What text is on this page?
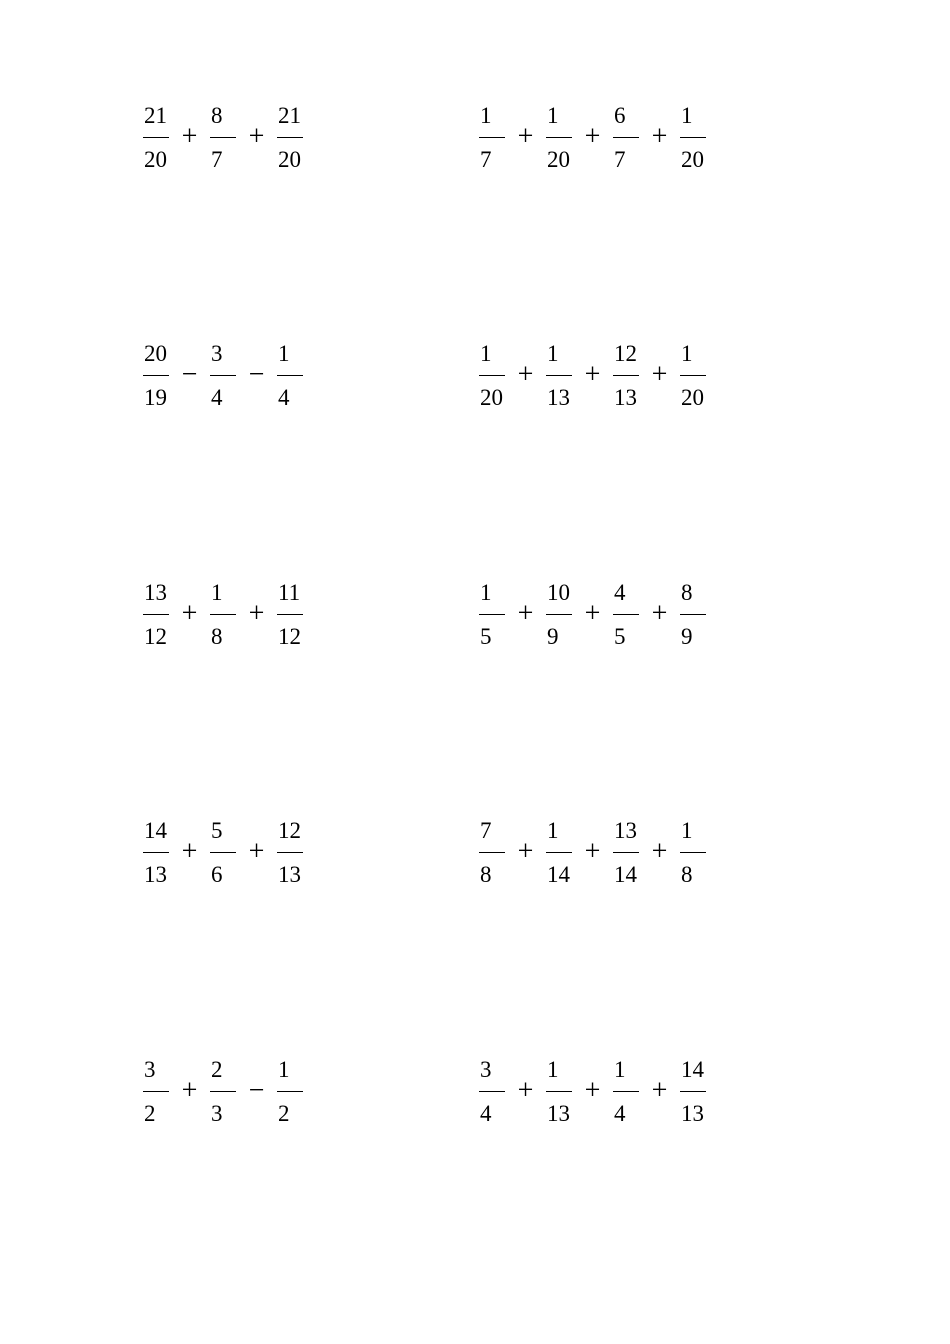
$\frac{21}{20} + \frac{8}{7} + \frac{21}{20}$	$\frac{1}{7} + \frac{1}{20} + \frac{6}{7} + \frac{1}{20}$
$\frac{20}{19} - \frac{3}{4} - \frac{1}{4}$	$\frac{1}{20} + \frac{1}{13} + \frac{12}{13} + \frac{1}{20}$
$\frac{13}{12} + \frac{1}{8} + \frac{11}{12}$	$\frac{1}{5} + \frac{10}{9} + \frac{4}{5} + \frac{8}{9}$
$\frac{14}{13} + \frac{5}{6} + \frac{12}{13}$	$\frac{7}{8} + \frac{1}{14} + \frac{13}{14} + \frac{1}{8}$
$\frac{3}{2} + \frac{2}{3} - \frac{1}{2}$	$\frac{3}{4} + \frac{1}{13} + \frac{1}{4} + \frac{14}{13}$
